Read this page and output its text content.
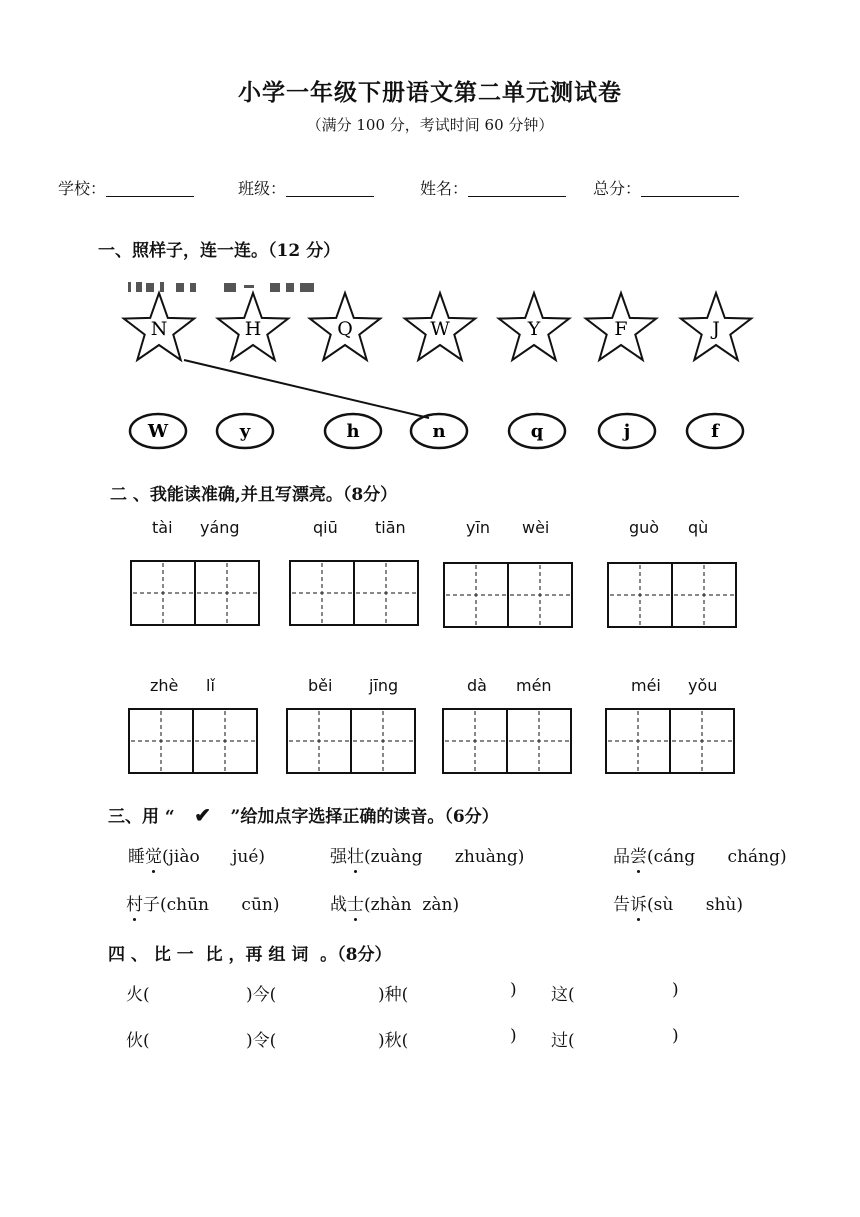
小学一年级下册语文第二单元测试卷
（满分 100 分，考试时间 60 分钟）
学校：	班级：	姓名：	总分：
一、照样子，连一连。（12 分）
N	H	Q	W	Y	F	J
W	y	h	n	q	j	f
二 、我能读准确,并且写漂亮。（8分）
tài yáng	qiū tiān	yīn wèi	guò qù
zhè lǐ	běi jīng	dà mén	méi yǒu
三、用 “ ✔ ”给加点字选择正确的读音。（6分）
睡觉(jiào      jué)	强壮(zuàng      zhuàng)	品尝(cáng      cháng)
村子(chūn      cūn)	战士(zhàn  zàn)	告诉(sù      shù)
四 、 比 一  比 ，再 组 词  。（8分）
火(	)今(	)种(	) 这(	)
伙(	)令(	)秋(	) 过(	)
